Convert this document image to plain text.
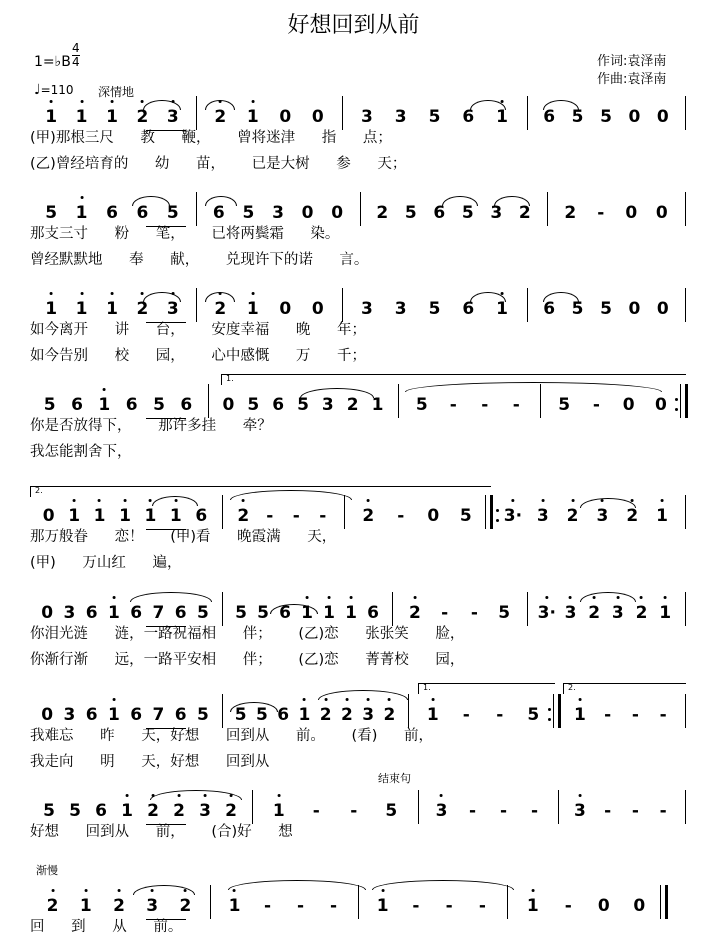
好想回到从前
作词:袁泽南
作曲:袁泽南
1=♭B
4
4
♩=110 深情地
结束句
渐慢
1.
2.
1.	2.
1 1 1 2 3 2 1 0 0 3 3 5 6 1 6 5 5 0 0
(甲)那根三尺 教 鞭， 曾将迷津 指 点；
(乙)曾经培育的 幼 苗， 已是大树 参 天；
5 1 6 6 5 6 5 3 0 0 2 5 6 5 3 2 2 - 0 0
那支三寸 粉 笔， 已将两鬓霜 染。
曾经默默地 奉 献， 兑现许下的诺 言。
1 1 1 2 3 2 1 0 0 3 3 5 6 1 6 5 5 0 0
如今离开 讲 台， 安度幸福 晚 年；
如今告别 校 园， 心中感慨 万 千；
5 6 1 6 5 6 0 5 6 5 3 2 1 5 - - - 5 - 0 0
你是否放得下， 那许多挂 牵？
我怎能割舍下，
0 1 1 1 1 1 6 2 - - - 2 - 0 5 3· 3 2 3 2 1
那万般眷 恋！ (甲)看 晚霞满 天，
(甲) 万山红 遍，
0 3 6 1 6 7 6 5 5 5 6 1 1 1 6 2 - - 5 3· 3 2 3 2 1
你泪光涟 涟，一路祝福相 伴； (乙)恋 张张笑 脸，
你渐行渐 远，一路平安相 伴； (乙)恋 菁菁校 园，
0 3 6 1 6 7 6 5 5 5 6 1 2 2 3 2 1 - - 5 1 - - -
我难忘 昨 天，好想 回到从 前。 (看) 前，
我走向 明 天，好想 回到从
5 5 6 1 2 2 3 2 1 - - 5 3 - - - 3 - - -
好想 回到从 前， (合)好 想
2 1 2 3 2 1 - - - 1 - - - 1 - 0 0
回 到 从 前。
